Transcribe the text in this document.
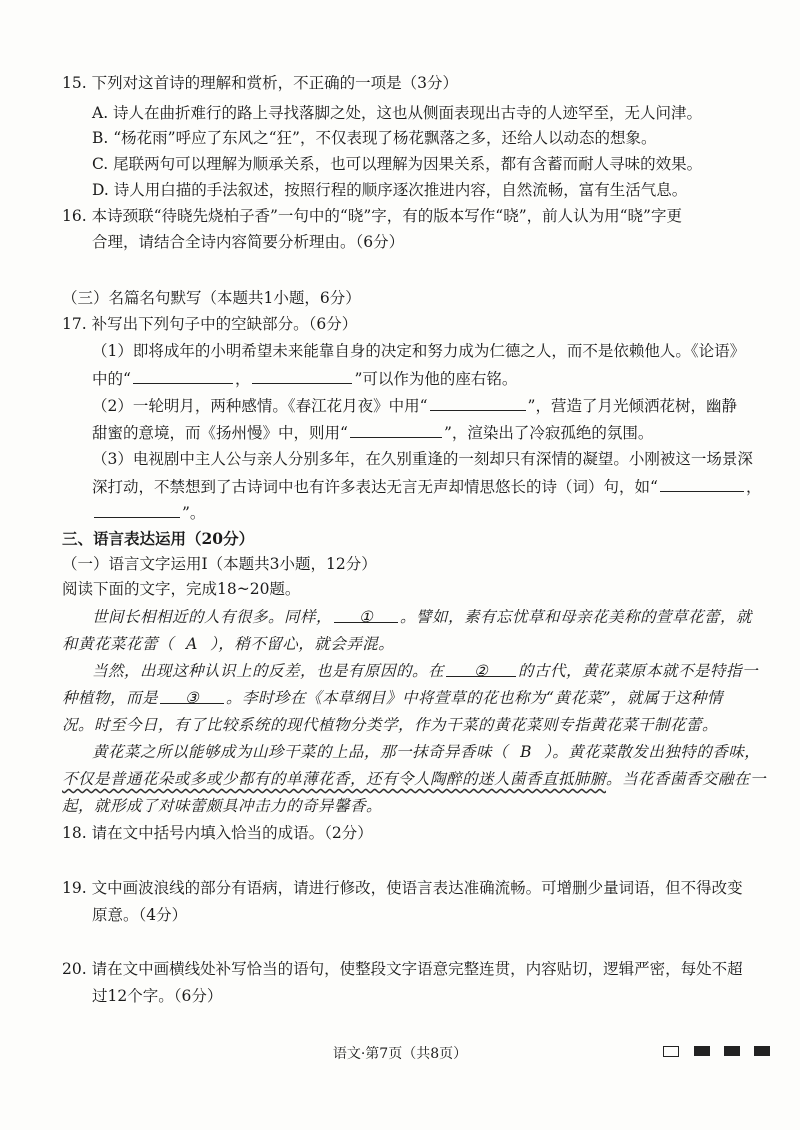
15. 下列对这首诗的理解和赏析，不正确的一项是（3分）
A. 诗人在曲折难行的路上寻找落脚之处，这也从侧面表现出古寺的人迹罕至，无人问津。
B. “杨花雨”呼应了东风之“狂”，不仅表现了杨花飘落之多，还给人以动态的想象。
C. 尾联两句可以理解为顺承关系，也可以理解为因果关系，都有含蓄而耐人寻味的效果。
D. 诗人用白描的手法叙述，按照行程的顺序逐次推进内容，自然流畅，富有生活气息。
16. 本诗颈联“待晓先烧柏子香”一句中的“晓”字，有的版本写作“晓”，前人认为用“晓”字更
合理，请结合全诗内容简要分析理由。（6分）
（三）名篇名句默写（本题共1小题，6分）
17. 补写出下列句子中的空缺部分。（6分）
（1）即将成年的小明希望未来能靠自身的决定和努力成为仁德之人，而不是依赖他人。《论语》
中的“	，	”可以作为他的座右铭。
（2）一轮明月，两种感情。《春江花月夜》中用“	”，营造了月光倾洒花树，幽静
甜蜜的意境，而《扬州慢》中，则用“	”，渲染出了冷寂孤绝的氛围。
（3）电视剧中主人公与亲人分别多年，在久别重逢的一刻却只有深情的凝望。小刚被这一场景深
深打动，不禁想到了古诗词中也有许多表达无言无声却情思悠长的诗（词）句，如“	，
”。
三、语言表达运用（20分）
（一）语言文字运用Ⅰ（本题共3小题，12分）
阅读下面的文字，完成18~20题。
世间长相相近的人有很多。同样， ① 。譬如，素有忘忧草和母亲花美称的萱草花蕾，就
和黄花菜花蕾（ A ），稍不留心，就会弄混。
当然，出现这种认识上的反差，也是有原因的。在 ② 的古代，黄花菜原本就不是特指一
种植物，而是 ③ 。李时珍在《本草纲目》中将萱草的花也称为“黄花菜”，就属于这种情
况。时至今日，有了比较系统的现代植物分类学，作为干菜的黄花菜则专指黄花菜干制花蕾。
黄花菜之所以能够成为山珍干菜的上品，那一抹奇异香味（ B ）。黄花菜散发出独特的香味，
不仅是普通花朵或多或少都有的单薄花香，还有令人陶醉的迷人菌香直抵肺腑。当花香菌香交融在一
起，就形成了对味蕾颇具冲击力的奇异馨香。
18. 请在文中括号内填入恰当的成语。（2分）
19. 文中画波浪线的部分有语病，请进行修改，使语言表达准确流畅。可增删少量词语，但不得改变
原意。（4分）
20. 请在文中画横线处补写恰当的语句，使整段文字语意完整连贯，内容贴切，逻辑严密，每处不超
过12个字。（6分）
语文·第7页（共8页）
